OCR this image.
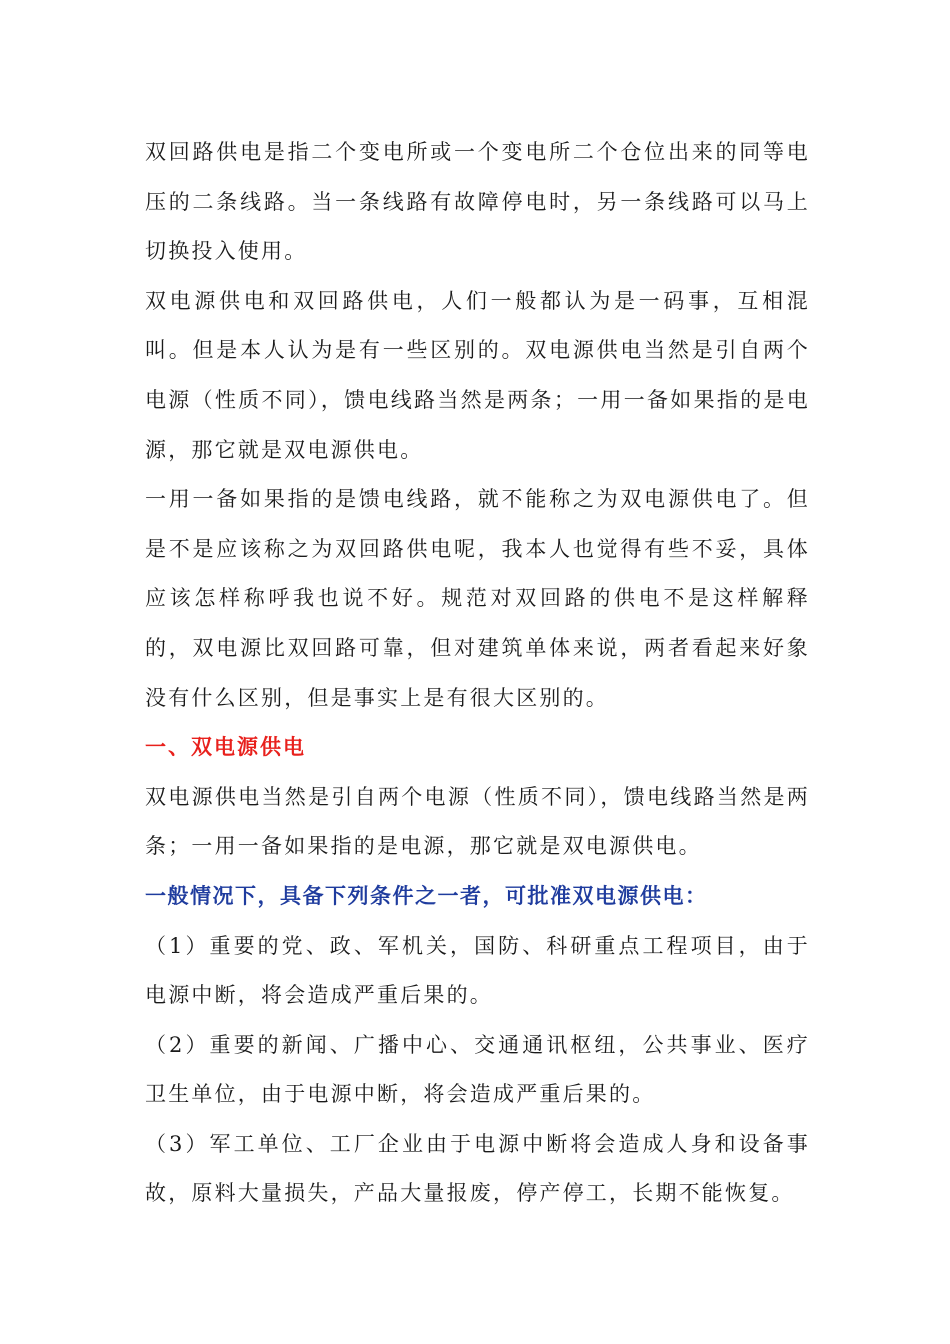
双回路供电是指二个变电所或一个变电所二个仓位出来的同等电压的二条线路。当一条线路有故障停电时，另一条线路可以马上切换投入使用。

双电源供电和双回路供电，人们一般都认为是一码事，互相混叫。但是本人认为是有一些区别的。双电源供电当然是引自两个电源（性质不同），馈电线路当然是两条；一用一备如果指的是电源，那它就是双电源供电。

一用一备如果指的是馈电线路，就不能称之为双电源供电了。但是不是应该称之为双回路供电呢，我本人也觉得有些不妥，具体应该怎样称呼我也说不好。规范对双回路的供电不是这样解释的，双电源比双回路可靠，但对建筑单体来说，两者看起来好象没有什么区别，但是事实上是有很大区别的。

一、双电源供电

双电源供电当然是引自两个电源（性质不同），馈电线路当然是两条；一用一备如果指的是电源，那它就是双电源供电。

一般情况下，具备下列条件之一者，可批准双电源供电：

（1）重要的党、政、军机关，国防、科研重点工程项目，由于电源中断，将会造成严重后果的。

（2）重要的新闻、广播中心、交通通讯枢纽，公共事业、医疗卫生单位，由于电源中断，将会造成严重后果的。

（3）军工单位、工厂企业由于电源中断将会造成人身和设备事故，原料大量损失，产品大量报废，停产停工，长期不能恢复。
